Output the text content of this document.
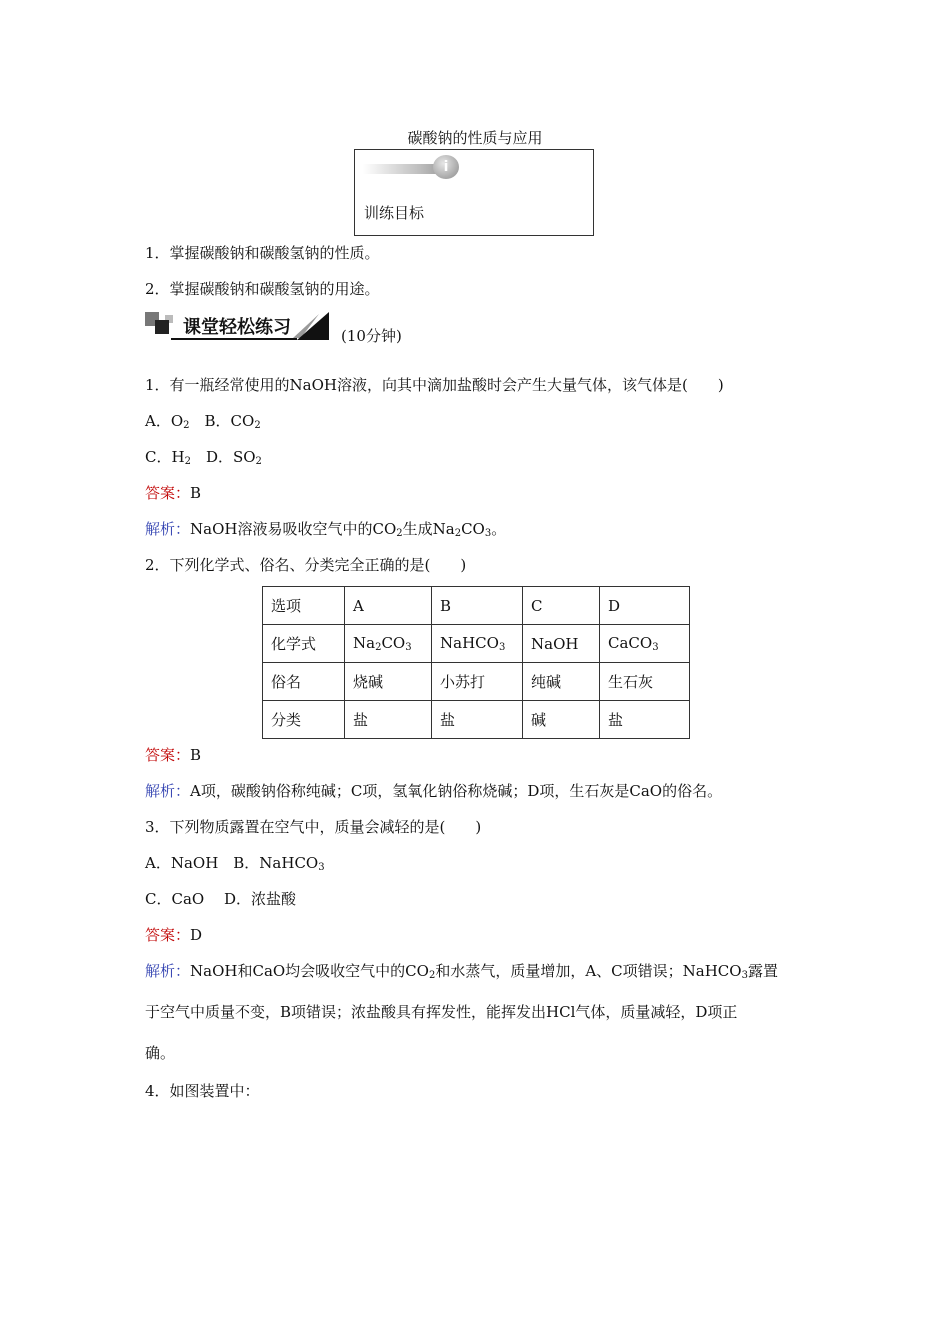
碳酸钠的性质与应用
i
训练目标
1．掌握碳酸钠和碳酸氢钠的性质。
2．掌握碳酸钠和碳酸氢钠的用途。
课堂轻松练习	(10分钟)
1．有一瓶经常使用的NaOH溶液，向其中滴加盐酸时会产生大量气体，该气体是(　　)
A．$O_2$　B．$CO_2$
C．$H_2$　D．$SO_2$
答案：B
解析：NaOH溶液易吸收空气中的$CO_2$生成$Na_2CO_3$。
2．下列化学式、俗名、分类完全正确的是(　　)
选项	A	B	C	D
化学式	$Na_2CO_3$	NaHCO$_3$	NaOH	CaCO$_3$
俗名	烧碱	小苏打	纯碱	生石灰
分类	盐	盐	碱	盐
答案：B
解析：A项，碳酸钠俗称纯碱；C项，氢氧化钠俗称烧碱；D项，生石灰是CaO的俗名。
3．下列物质露置在空气中，质量会减轻的是(　　)
A．NaOH　B．NaHCO$_3$
C．CaO　 D．浓盐酸
答案：D
解析：NaOH和CaO均会吸收空气中的$CO_2$和水蒸气，质量增加，A、C项错误；NaHCO$_3$露置
于空气中质量不变，B项错误；浓盐酸具有挥发性，能挥发出HCl气体，质量减轻，D项正
确。
4．如图装置中：
